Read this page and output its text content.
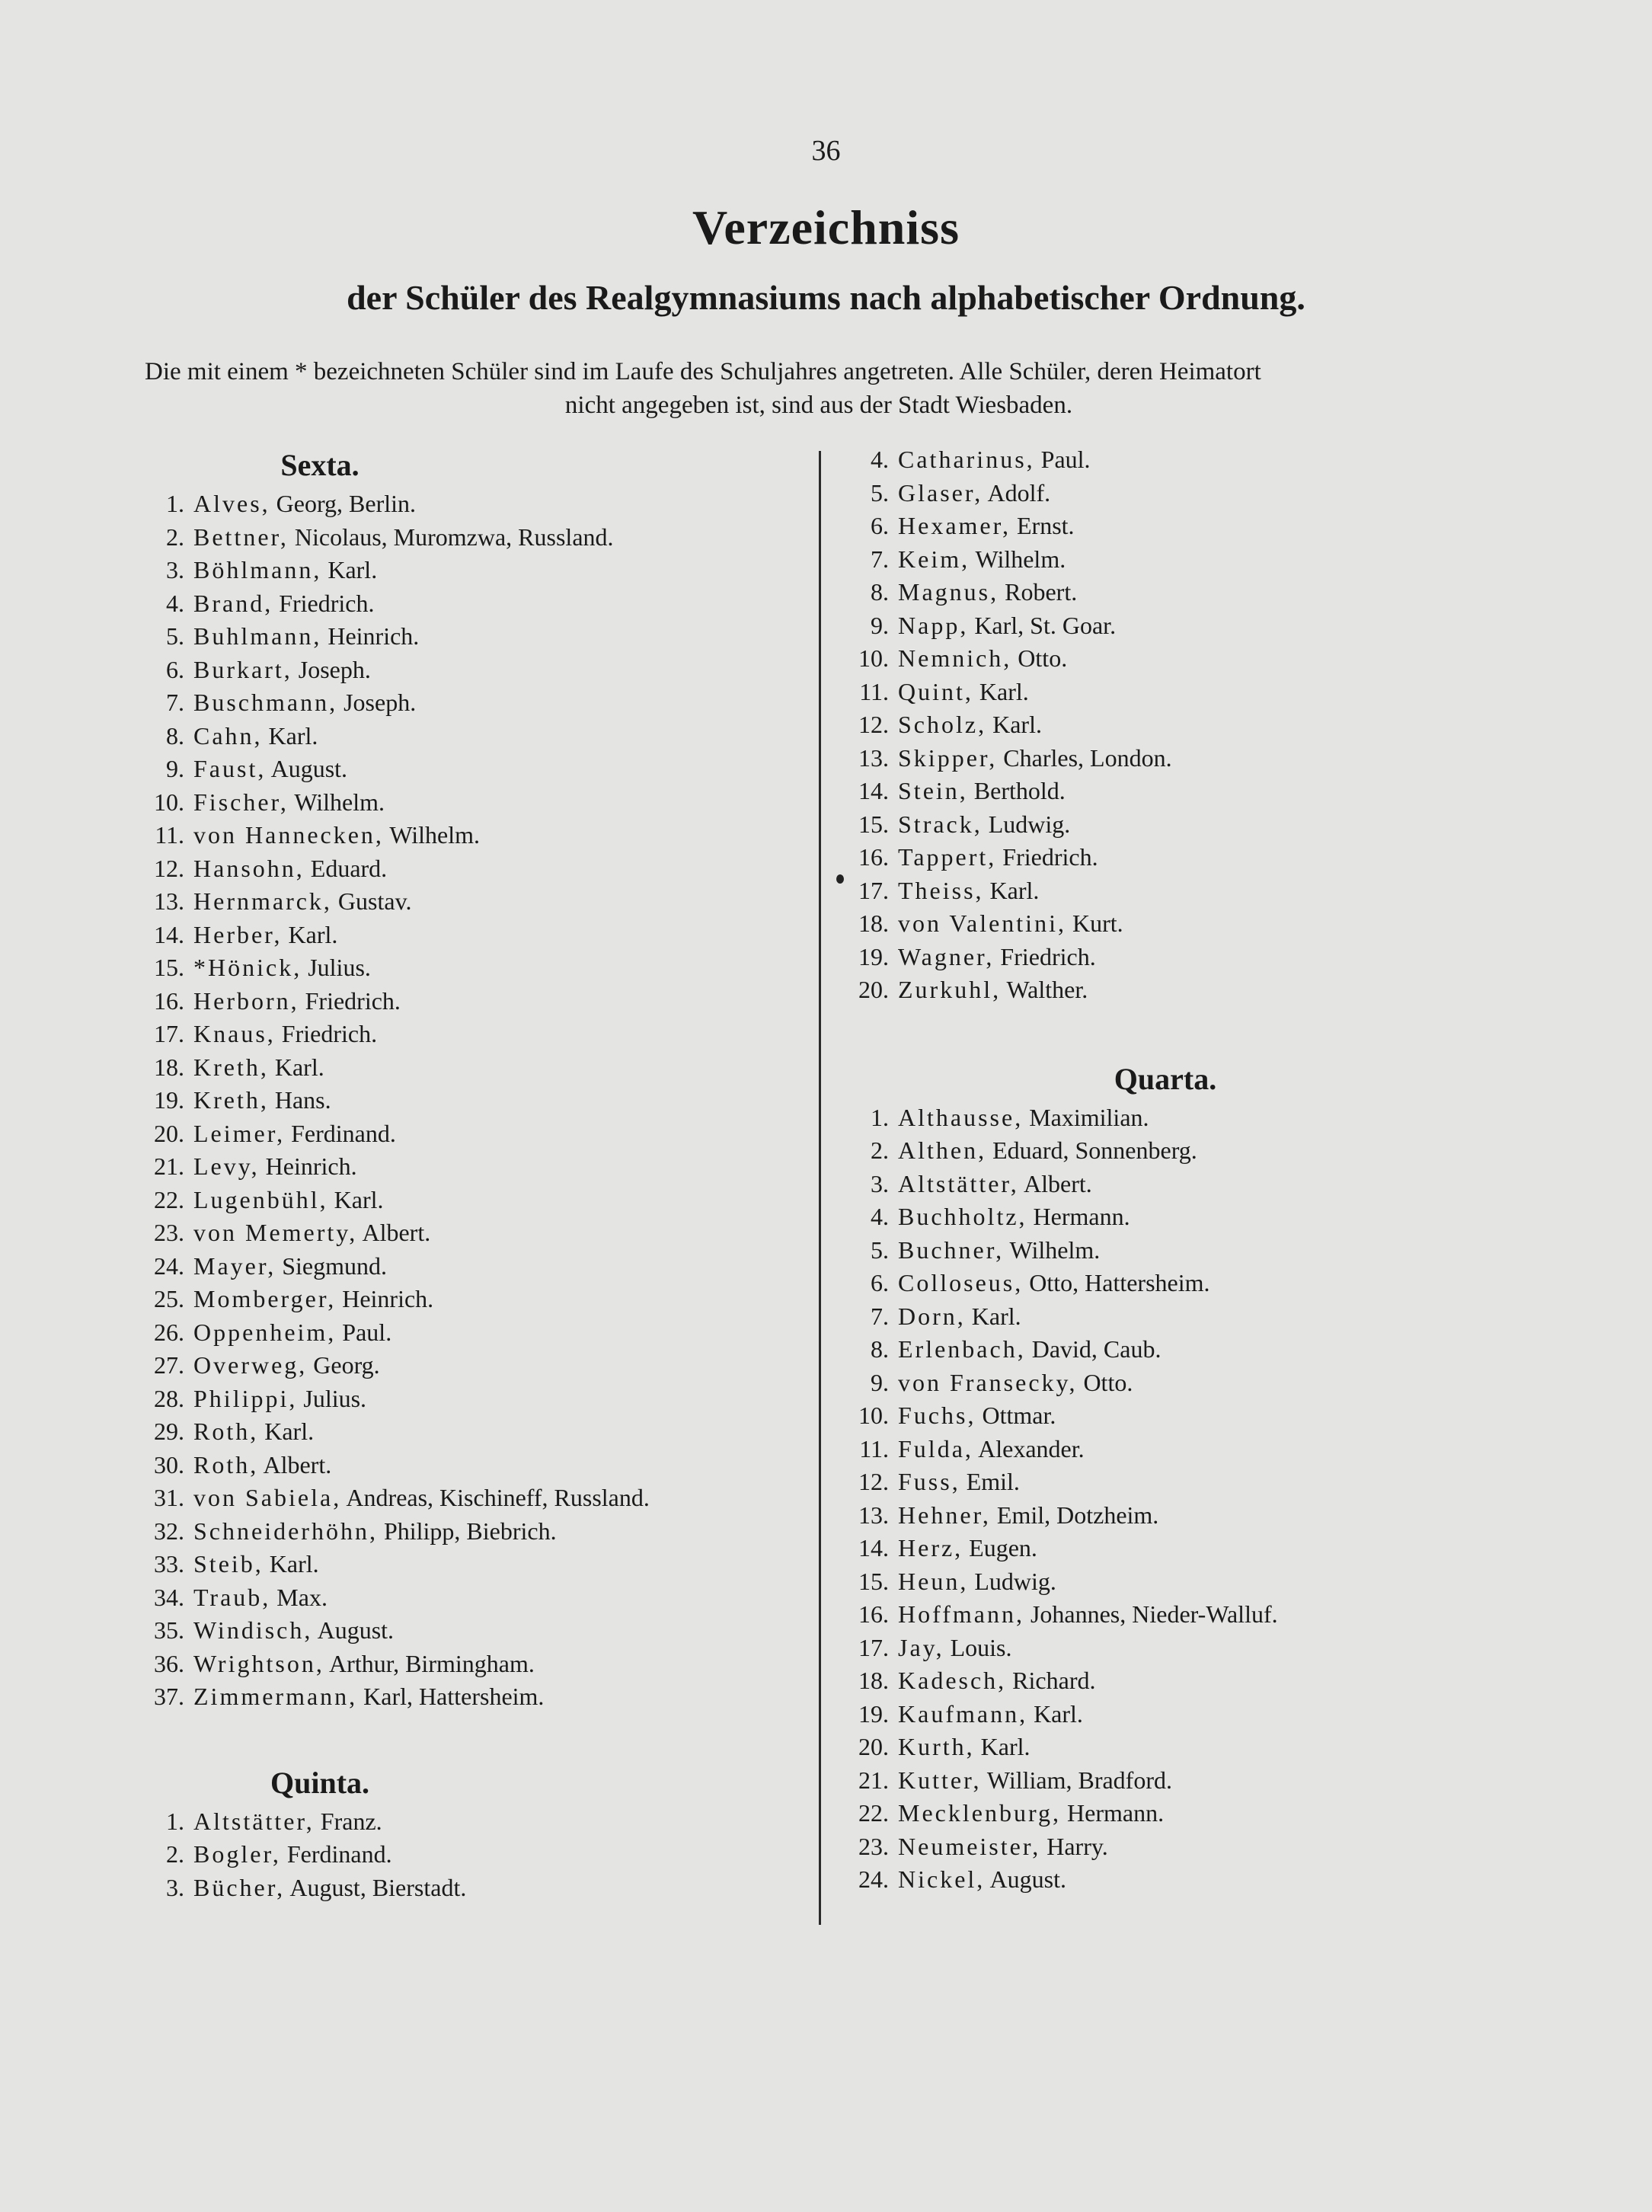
36
Verzeichniss
der Schüler des Realgymnasiums nach alphabetischer Ordnung.
Die mit einem * bezeichneten Schüler sind im Laufe des Schuljahres angetreten. Alle Schüler, deren Heimatort
nicht angegeben ist, sind aus der Stadt Wiesbaden.
Sexta.
1. Alves, Georg, Berlin.
2. Bettner, Nicolaus, Muromzwa, Russland.
3. Böhlmann, Karl.
4. Brand, Friedrich.
5. Buhlmann, Heinrich.
6. Burkart, Joseph.
7. Buschmann, Joseph.
8. Cahn, Karl.
9. Faust, August.
10. Fischer, Wilhelm.
11. von Hannecken, Wilhelm.
12. Hansohn, Eduard.
13. Hernmarck, Gustav.
14. Herber, Karl.
15. *Hönick, Julius.
16. Herborn, Friedrich.
17. Knaus, Friedrich.
18. Kreth, Karl.
19. Kreth, Hans.
20. Leimer, Ferdinand.
21. Levy, Heinrich.
22. Lugenbühl, Karl.
23. von Memerty, Albert.
24. Mayer, Siegmund.
25. Momberger, Heinrich.
26. Oppenheim, Paul.
27. Overweg, Georg.
28. Philippi, Julius.
29. Roth, Karl.
30. Roth, Albert.
31. von Sabiela, Andreas, Kischineff, Russland.
32. Schneiderhöhn, Philipp, Biebrich.
33. Steib, Karl.
34. Traub, Max.
35. Windisch, August.
36. Wrightson, Arthur, Birmingham.
37. Zimmermann, Karl, Hattersheim.
Quinta.
1. Altstätter, Franz.
2. Bogler, Ferdinand.
3. Bücher, August, Bierstadt.
4. Catharinus, Paul.
5. Glaser, Adolf.
6. Hexamer, Ernst.
7. Keim, Wilhelm.
8. Magnus, Robert.
9. Napp, Karl, St. Goar.
10. Nemnich, Otto.
11. Quint, Karl.
12. Scholz, Karl.
13. Skipper, Charles, London.
14. Stein, Berthold.
15. Strack, Ludwig.
16. Tappert, Friedrich.
17. Theiss, Karl.
18. von Valentini, Kurt.
19. Wagner, Friedrich.
20. Zurkuhl, Walther.
Quarta.
1. Althausse, Maximilian.
2. Althen, Eduard, Sonnenberg.
3. Altstätter, Albert.
4. Buchholtz, Hermann.
5. Buchner, Wilhelm.
6. Colloseus, Otto, Hattersheim.
7. Dorn, Karl.
8. Erlenbach, David, Caub.
9. von Fransecky, Otto.
10. Fuchs, Ottmar.
11. Fulda, Alexander.
12. Fuss, Emil.
13. Hehner, Emil, Dotzheim.
14. Herz, Eugen.
15. Heun, Ludwig.
16. Hoffmann, Johannes, Nieder-Walluf.
17. Jay, Louis.
18. Kadesch, Richard.
19. Kaufmann, Karl.
20. Kurth, Karl.
21. Kutter, William, Bradford.
22. Mecklenburg, Hermann.
23. Neumeister, Harry.
24. Nickel, August.
